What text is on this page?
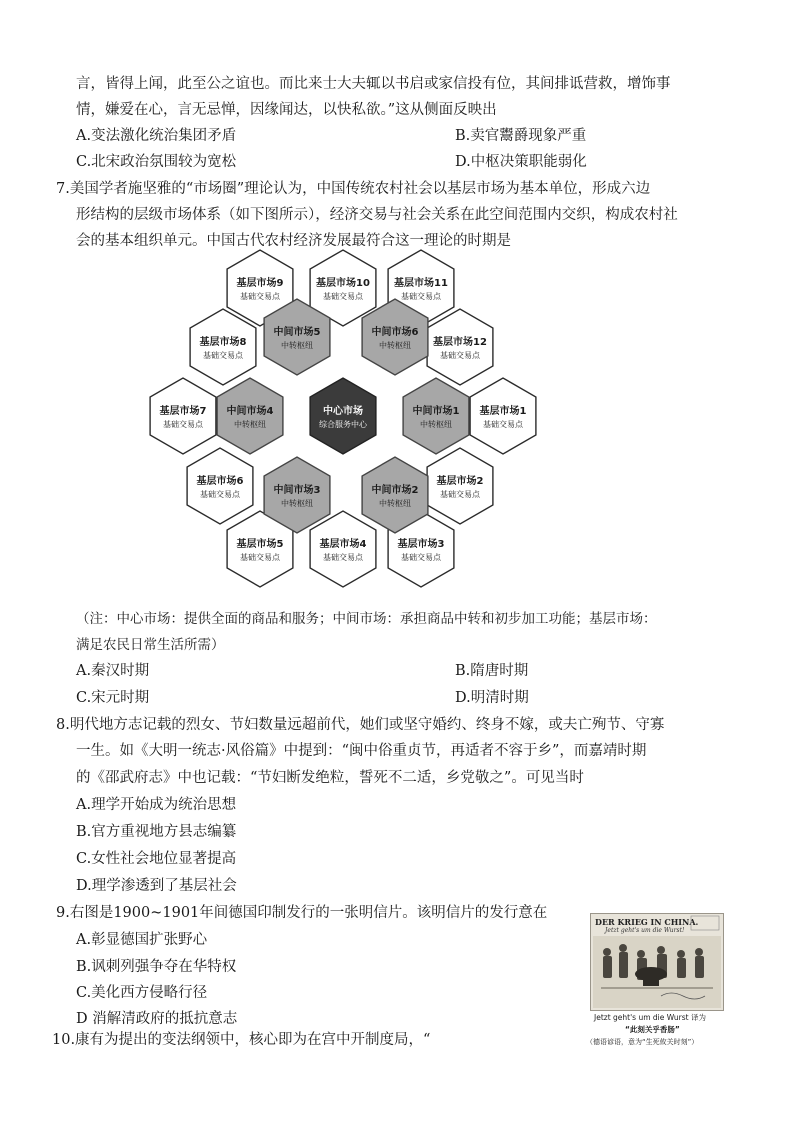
言，皆得上闻，此至公之谊也。而比来士大夫辄以书启或家信投有位，其间排诋营救，增饰事
情，嫌爱在心，言无忌惮，因缘闻达，以快私欲。”这从侧面反映出
A.变法激化统治集团矛盾	B.卖官鬻爵现象严重
C.北宋政治氛围较为宽松	D.中枢决策职能弱化
7.美国学者施坚雅的“市场圈”理论认为，中国传统农村社会以基层市场为基本单位，形成六边
形结构的层级市场体系（如下图所示），经济交易与社会关系在此空间范围内交织，构成农村社
会的基本组织单元。中国古代农村经济发展最符合这一理论的时期是
基层市场1
基础交易点
基层市场2
基础交易点
基层市场3
基础交易点
基层市场4
基础交易点
基层市场5
基础交易点
基层市场6
基础交易点
基层市场7
基础交易点
基层市场8
基础交易点
基层市场9
基础交易点
基层市场10
基础交易点
基层市场11
基础交易点
基层市场12
基础交易点
中间市场1
中转枢纽
中间市场2
中转枢纽
中间市场3
中转枢纽
中间市场4
中转枢纽
中间市场5
中转枢纽
中间市场6
中转枢纽
中心市场
综合服务中心
（注：中心市场：提供全面的商品和服务；中间市场：承担商品中转和初步加工功能；基层市场：
满足农民日常生活所需）
A.秦汉时期	B.隋唐时期
C.宋元时期	D.明清时期
8.明代地方志记载的烈女、节妇数量远超前代，她们或坚守婚约、终身不嫁，或夫亡殉节、守寡
一生。如《大明一统志·风俗篇》中提到：“闽中俗重贞节，再适者不容于乡”，而嘉靖时期
的《邵武府志》中也记载：“节妇断发绝粒，誓死不二适，乡党敬之”。可见当时
A.理学开始成为统治思想
B.官方重视地方县志编纂
C.女性社会地位显著提高
D.理学渗透到了基层社会
9.右图是1900~1901年间德国印制发行的一张明信片。该明信片的发行意在
A.彰显德国扩张野心
B.讽刺列强争夺在华特权
C.美化西方侵略行径
D 消解清政府的抵抗意志
DER KRIEG IN CHINA.
Jetzt geht's um die Wurst!
Jetzt geht's um die Wurst 译为
“此刻关乎香肠”
（德语谚语，意为“生死攸关时刻”）
10.康有为提出的变法纲领中，核心即为在宫中开制度局，“
